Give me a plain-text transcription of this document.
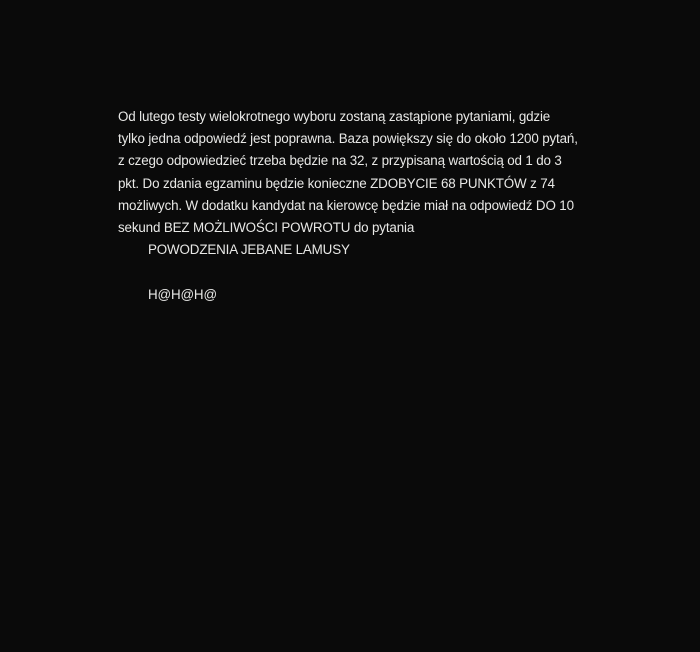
Od lutego testy wielokrotnego wyboru zostaną zastąpione pytaniami, gdzie tylko jedna odpowiedź jest poprawna. Baza powiększy się do około 1200 pytań, z czego odpowiedzieć trzeba będzie na 32, z przypisaną wartością od 1 do 3 pkt. Do zdania egzaminu będzie konieczne ZDOBYCIE 68 PUNKTÓW z 74 możliwych. W dodatku kandydat na kierowcę będzie miał na odpowiedź DO 10 sekund BEZ MOŻLIWOŚCI POWROTU do pytania

POWODZENIA JEBANE LAMUSY

H@H@H@
